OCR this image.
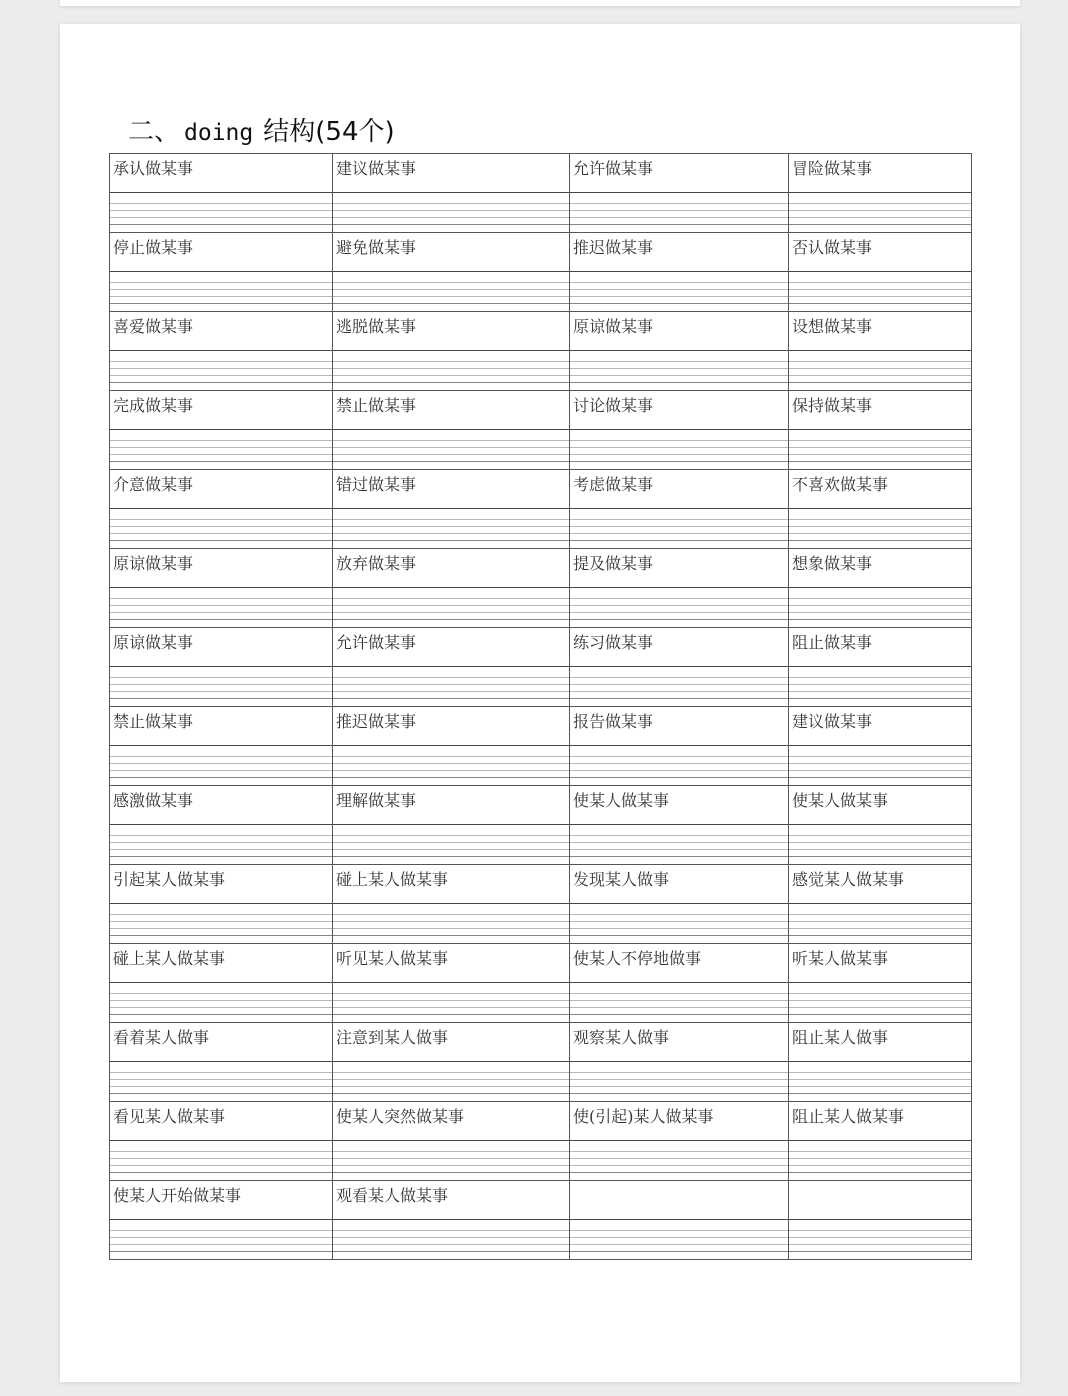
二、 doing 结构(54个)
承认做某事	建议做某事	允许做某事	冒险做某事

停止做某事	避免做某事	推迟做某事	否认做某事

喜爱做某事	逃脱做某事	原谅做某事	设想做某事

完成做某事	禁止做某事	讨论做某事	保持做某事

介意做某事	错过做某事	考虑做某事	不喜欢做某事

原谅做某事	放弃做某事	提及做某事	想象做某事

原谅做某事	允许做某事	练习做某事	阻止做某事

禁止做某事	推迟做某事	报告做某事	建议做某事

感激做某事	理解做某事	使某人做某事	使某人做某事

引起某人做某事	碰上某人做某事	发现某人做事	感觉某人做某事

碰上某人做某事	听见某人做某事	使某人不停地做事	听某人做某事

看着某人做事	注意到某人做事	观察某人做事	阻止某人做事

看见某人做某事	使某人突然做某事	使(引起)某人做某事	阻止某人做某事

使某人开始做某事	观看某人做某事		
